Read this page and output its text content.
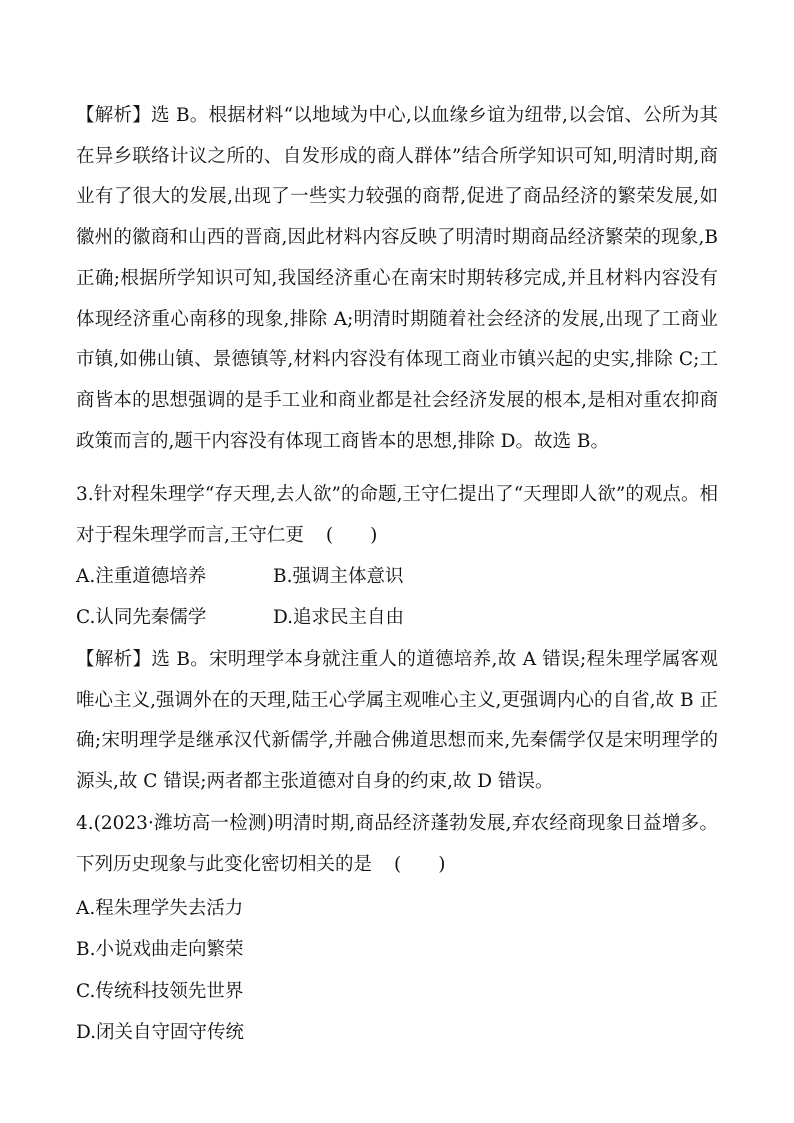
【解析】选 B。根据材料“以地域为中心,以血缘乡谊为纽带,以会馆、公所为其在异乡联络计议之所的、自发形成的商人群体”结合所学知识可知,明清时期,商业有了很大的发展,出现了一些实力较强的商帮,促进了商品经济的繁荣发展,如徽州的徽商和山西的晋商,因此材料内容反映了明清时期商品经济繁荣的现象,B 正确;根据所学知识可知,我国经济重心在南宋时期转移完成,并且材料内容没有体现经济重心南移的现象,排除 A;明清时期随着社会经济的发展,出现了工商业市镇,如佛山镇、景德镇等,材料内容没有体现工商业市镇兴起的史实,排除 C;工商皆本的思想强调的是手工业和商业都是社会经济发展的根本,是相对重农抑商政策而言的,题干内容没有体现工商皆本的思想,排除 D。故选 B。

3.针对程朱理学“存天理,去人欲”的命题,王守仁提出了“天理即人欲”的观点。相对于程朱理学而言,王守仁更 (　　)

A.注重道德培养	B.强调主体意识
C.认同先秦儒学	D.追求民主自由

【解析】选 B。宋明理学本身就注重人的道德培养,故 A 错误;程朱理学属客观唯心主义,强调外在的天理,陆王心学属主观唯心主义,更强调内心的自省,故 B 正确;宋明理学是继承汉代新儒学,并融合佛道思想而来,先秦儒学仅是宋明理学的源头,故 C 错误;两者都主张道德对自身的约束,故 D 错误。

4.(2023·潍坊高一检测)明清时期,商品经济蓬勃发展,弃农经商现象日益增多。下列历史现象与此变化密切相关的是 (　　)

A.程朱理学失去活力
B.小说戏曲走向繁荣
C.传统科技领先世界
D.闭关自守固守传统
